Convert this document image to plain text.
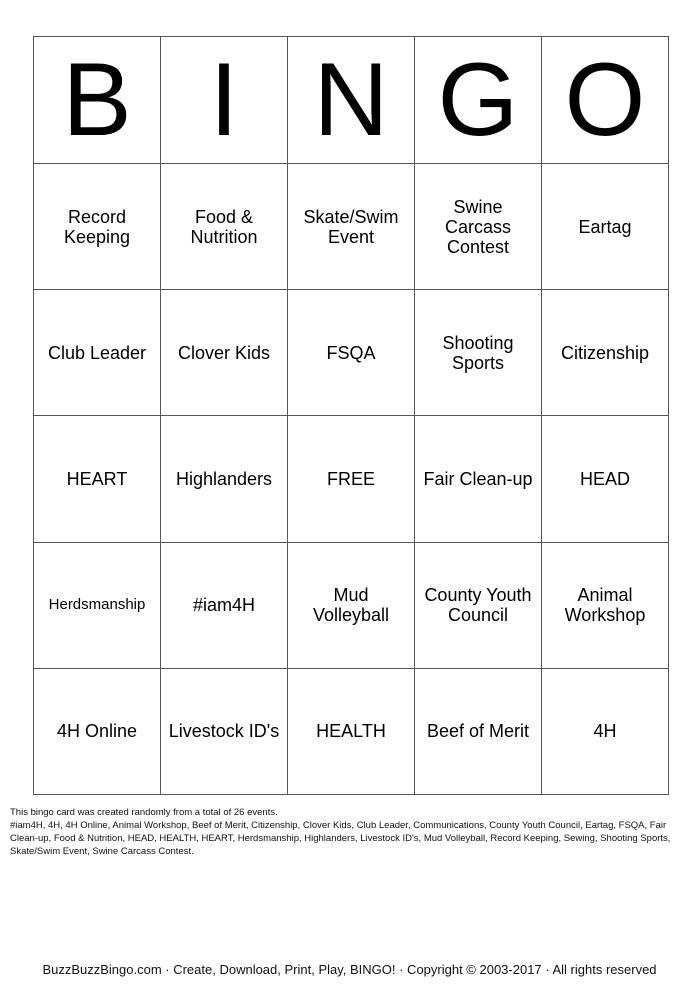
B	I	N	G	O
Record Keeping	Food & Nutrition	Skate/Swim Event	Swine Carcass Contest	Eartag
Club Leader	Clover Kids	FSQA	Shooting Sports	Citizenship
HEART	Highlanders	FREE	Fair Clean-up	HEAD
Herdsmanship	#iam4H	Mud Volleyball	County Youth Council	Animal Workshop
4H Online	Livestock ID's	HEALTH	Beef of Merit	4H

This bingo card was created randomly from a total of 26 events.

#iam4H, 4H, 4H Online, Animal Workshop, Beef of Merit, Citizenship, Clover Kids, Club Leader, Communications, County Youth Council, Eartag, FSQA, Fair Clean-up, Food & Nutrition, HEAD, HEALTH, HEART, Herdsmanship, Highlanders, Livestock ID's, Mud Volleyball, Record Keeping, Sewing, Shooting Sports, Skate/Swim Event, Swine Carcass Contest.

BuzzBuzzBingo.com · Create, Download, Print, Play, BINGO! · Copyright © 2003-2017 · All rights reserved
